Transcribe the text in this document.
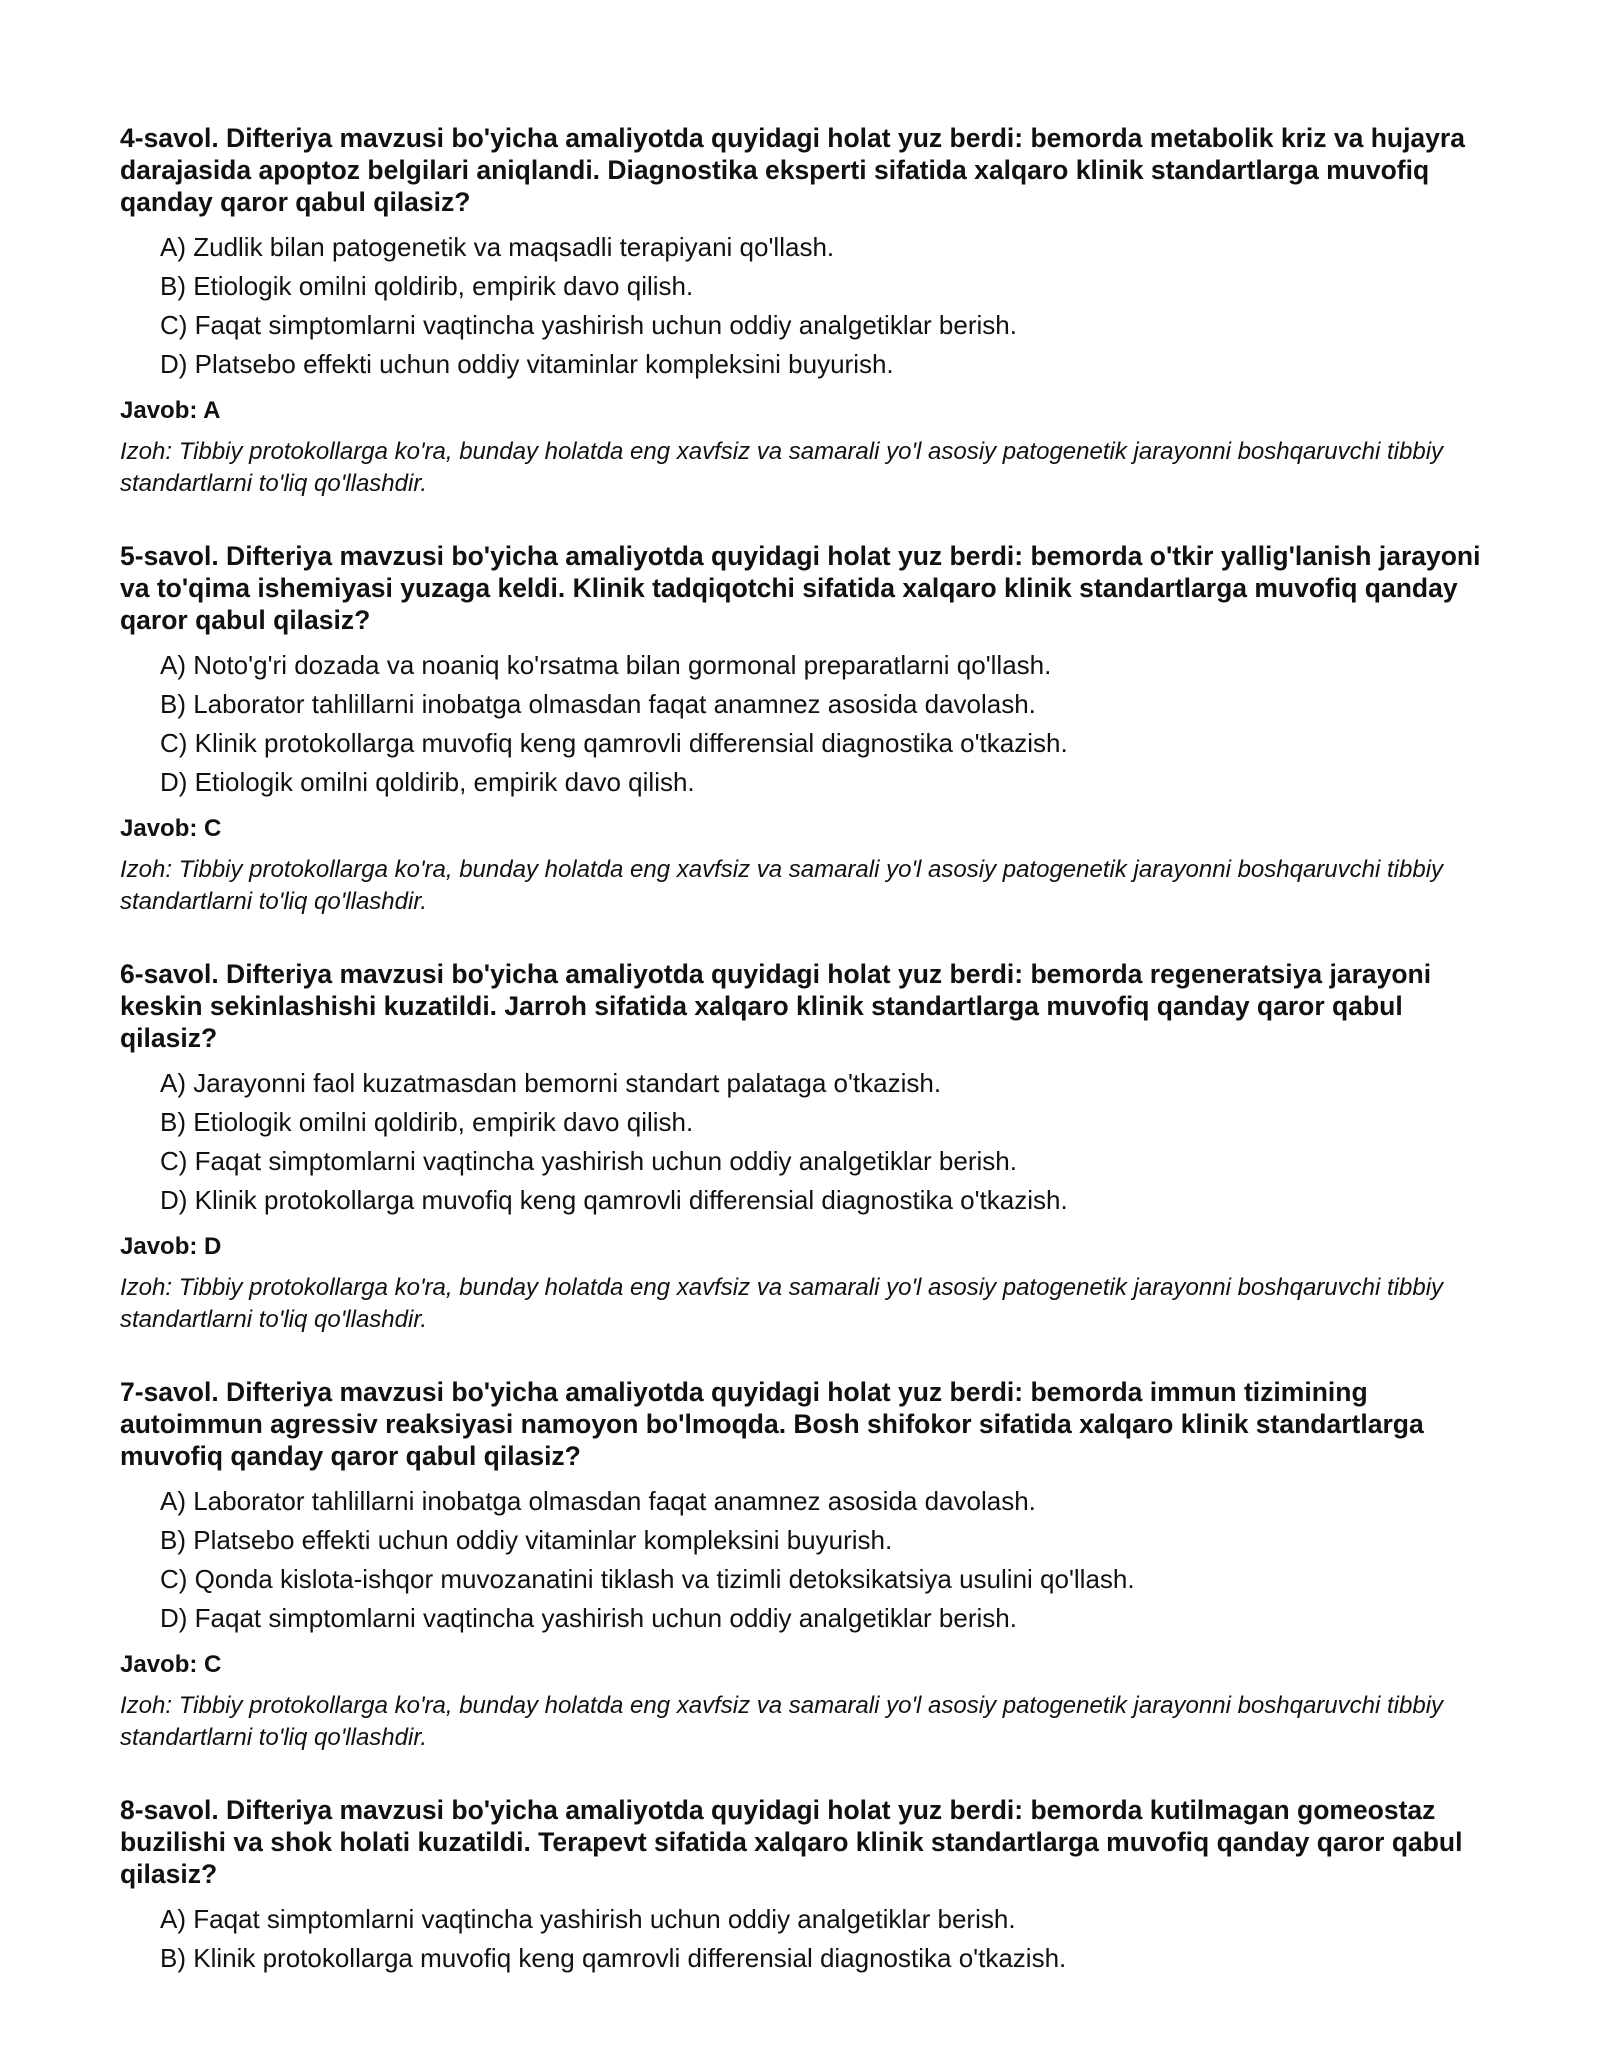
4-savol. Difteriya mavzusi bo'yicha amaliyotda quyidagi holat yuz berdi: bemorda metabolik kriz va hujayra darajasida apoptoz belgilari aniqlandi. Diagnostika eksperti sifatida xalqaro klinik standartlarga muvofiq qanday qaror qabul qilasiz?

A) Zudlik bilan patogenetik va maqsadli terapiyani qo'llash.
B) Etiologik omilni qoldirib, empirik davo qilish.
C) Faqat simptomlarni vaqtincha yashirish uchun oddiy analgetiklar berish.
D) Platsebo effekti uchun oddiy vitaminlar kompleksini buyurish.

Javob: A

Izoh: Tibbiy protokollarga ko'ra, bunday holatda eng xavfsiz va samarali yo'l asosiy patogenetik jarayonni boshqaruvchi tibbiy standartlarni to'liq qo'llashdir.

5-savol. Difteriya mavzusi bo'yicha amaliyotda quyidagi holat yuz berdi: bemorda o'tkir yallig'lanish jarayoni va to'qima ishemiyasi yuzaga keldi. Klinik tadqiqotchi sifatida xalqaro klinik standartlarga muvofiq qanday qaror qabul qilasiz?

A) Noto'g'ri dozada va noaniq ko'rsatma bilan gormonal preparatlarni qo'llash.
B) Laborator tahlillarni inobatga olmasdan faqat anamnez asosida davolash.
C) Klinik protokollarga muvofiq keng qamrovli differensial diagnostika o'tkazish.
D) Etiologik omilni qoldirib, empirik davo qilish.

Javob: C

Izoh: Tibbiy protokollarga ko'ra, bunday holatda eng xavfsiz va samarali yo'l asosiy patogenetik jarayonni boshqaruvchi tibbiy standartlarni to'liq qo'llashdir.

6-savol. Difteriya mavzusi bo'yicha amaliyotda quyidagi holat yuz berdi: bemorda regeneratsiya jarayoni keskin sekinlashishi kuzatildi. Jarroh sifatida xalqaro klinik standartlarga muvofiq qanday qaror qabul qilasiz?

A) Jarayonni faol kuzatmasdan bemorni standart palataga o'tkazish.
B) Etiologik omilni qoldirib, empirik davo qilish.
C) Faqat simptomlarni vaqtincha yashirish uchun oddiy analgetiklar berish.
D) Klinik protokollarga muvofiq keng qamrovli differensial diagnostika o'tkazish.

Javob: D

Izoh: Tibbiy protokollarga ko'ra, bunday holatda eng xavfsiz va samarali yo'l asosiy patogenetik jarayonni boshqaruvchi tibbiy standartlarni to'liq qo'llashdir.

7-savol. Difteriya mavzusi bo'yicha amaliyotda quyidagi holat yuz berdi: bemorda immun tizimining autoimmun agressiv reaksiyasi namoyon bo'lmoqda. Bosh shifokor sifatida xalqaro klinik standartlarga muvofiq qanday qaror qabul qilasiz?

A) Laborator tahlillarni inobatga olmasdan faqat anamnez asosida davolash.
B) Platsebo effekti uchun oddiy vitaminlar kompleksini buyurish.
C) Qonda kislota-ishqor muvozanatini tiklash va tizimli detoksikatsiya usulini qo'llash.
D) Faqat simptomlarni vaqtincha yashirish uchun oddiy analgetiklar berish.

Javob: C

Izoh: Tibbiy protokollarga ko'ra, bunday holatda eng xavfsiz va samarali yo'l asosiy patogenetik jarayonni boshqaruvchi tibbiy standartlarni to'liq qo'llashdir.

8-savol. Difteriya mavzusi bo'yicha amaliyotda quyidagi holat yuz berdi: bemorda kutilmagan gomeostaz buzilishi va shok holati kuzatildi. Terapevt sifatida xalqaro klinik standartlarga muvofiq qanday qaror qabul qilasiz?

A) Faqat simptomlarni vaqtincha yashirish uchun oddiy analgetiklar berish.
B) Klinik protokollarga muvofiq keng qamrovli differensial diagnostika o'tkazish.
